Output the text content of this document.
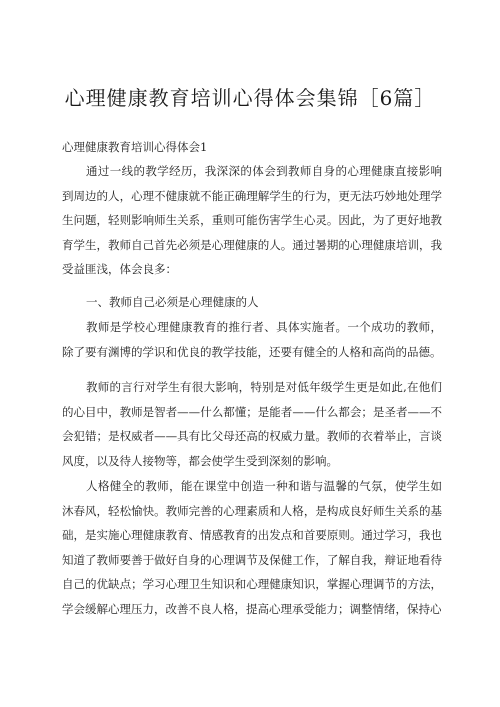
心理健康教育培训心得体会集锦［6篇］
心理健康教育培训心得体会1

通过一线的教学经历，我深深的体会到教师自身的心理健康直接影响到周边的人，心理不健康就不能正确理解学生的行为，更无法巧妙地处理学生问题，轻则影响师生关系，重则可能伤害学生心灵。因此，为了更好地教育学生，教师自己首先必须是心理健康的人。通过暑期的心理健康培训，我受益匪浅，体会良多：

一、教师自己必须是心理健康的人

教师是学校心理健康教育的推行者、具体实施者。一个成功的教师，除了要有渊博的学识和优良的教学技能，还要有健全的人格和高尚的品德。

教师的言行对学生有很大影响，特别是对低年级学生更是如此,在他们的心目中，教师是智者——什么都懂；是能者——什么都会；是圣者——不会犯错；是权威者——具有比父母还高的权威力量。教师的衣着举止，言谈风度，以及待人接物等，都会使学生受到深刻的影响。

人格健全的教师，能在课堂中创造一种和谐与温馨的气氛，使学生如沐春风，轻松愉快。教师完善的心理素质和人格，是构成良好师生关系的基础，是实施心理健康教育、情感教育的出发点和首要原则。通过学习，我也知道了教师要善于做好自身的心理调节及保健工作，了解自我，辩证地看待自己的优缺点；学习心理卫生知识和心理健康知识，掌握心理调节的方法，学会缓解心理压力，改善不良人格，提高心理承受能力；调整情绪，保持心
